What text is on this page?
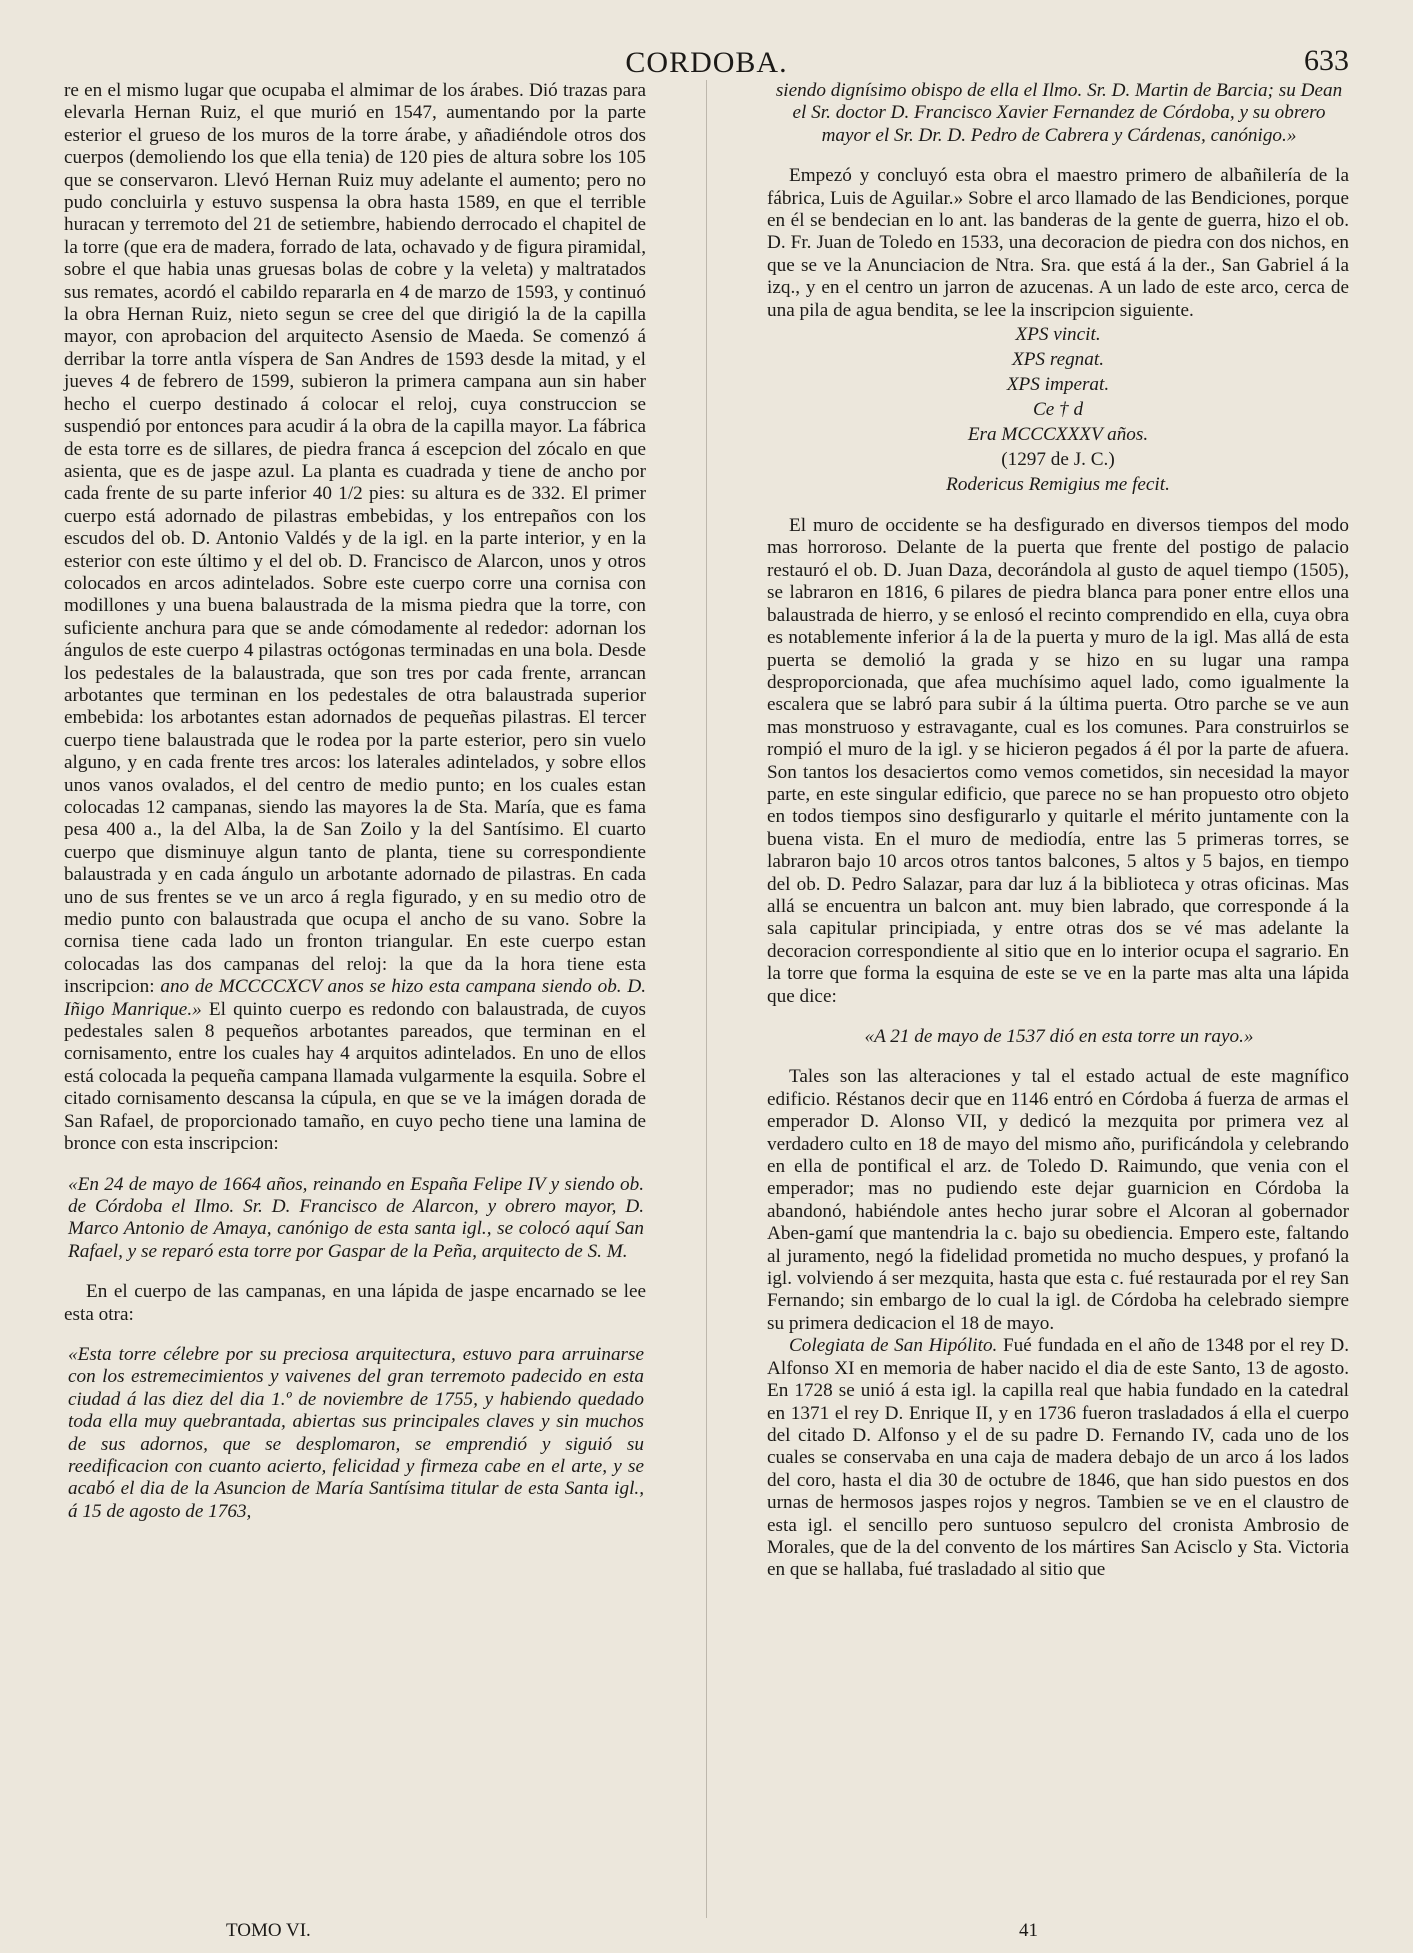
CORDOBA.	633

re en el mismo lugar que ocupaba el almimar de los árabes. Dió trazas para elevarla Hernan Ruiz, el que murió en 1547, aumentando por la parte esterior el grueso de los muros de la torre árabe, y añadiéndole otros dos cuerpos (demoliendo los que ella tenia) de 120 pies de altura sobre los 105 que se conservaron. Llevó Hernan Ruiz muy adelante el aumento; pero no pudo concluirla y estuvo suspensa la obra hasta 1589, en que el terrible huracan y terremoto del 21 de setiembre, habiendo derrocado el chapitel de la torre (que era de madera, forrado de lata, ochavado y de figura piramidal, sobre el que habia unas gruesas bolas de cobre y la veleta) y maltratados sus remates, acordó el cabildo repararla en 4 de marzo de 1593, y continuó la obra Hernan Ruiz, nieto segun se cree del que dirigió la de la capilla mayor, con aprobacion del arquitecto Asensio de Maeda. Se comenzó á derribar la torre antla víspera de San Andres de 1593 desde la mitad, y el jueves 4 de febrero de 1599, subieron la primera campana aun sin haber hecho el cuerpo destinado á colocar el reloj, cuya construccion se suspendió por entonces para acudir á la obra de la capilla mayor. La fábrica de esta torre es de sillares, de piedra franca á escepcion del zócalo en que asienta, que es de jaspe azul. La planta es cuadrada y tiene de ancho por cada frente de su parte inferior 40 1/2 pies: su altura es de 332. El primer cuerpo está adornado de pilastras embebidas, y los entrepaños con los escudos del ob. D. Antonio Valdés y de la igl. en la parte interior, y en la esterior con este último y el del ob. D. Francisco de Alarcon, unos y otros colocados en arcos adintelados. Sobre este cuerpo corre una cornisa con modillones y una buena balaustrada de la misma piedra que la torre, con suficiente anchura para que se ande cómodamente al rededor: adornan los ángulos de este cuerpo 4 pilastras octógonas terminadas en una bola. Desde los pedestales de la balaustrada, que son tres por cada frente, arrancan arbotantes que terminan en los pedestales de otra balaustrada superior embebida: los arbotantes estan adornados de pequeñas pilastras. El tercer cuerpo tiene balaustrada que le rodea por la parte esterior, pero sin vuelo alguno, y en cada frente tres arcos: los laterales adintelados, y sobre ellos unos vanos ovalados, el del centro de medio punto; en los cuales estan colocadas 12 campanas, siendo las mayores la de Sta. María, que es fama pesa 400 a., la del Alba, la de San Zoilo y la del Santísimo. El cuarto cuerpo que disminuye algun tanto de planta, tiene su correspondiente balaustrada y en cada ángulo un arbotante adornado de pilastras. En cada uno de sus frentes se ve un arco á regla figurado, y en su medio otro de medio punto con balaustrada que ocupa el ancho de su vano. Sobre la cornisa tiene cada lado un fronton triangular. En este cuerpo estan colocadas las dos campanas del reloj: la que da la hora tiene esta inscripcion: ano de MCCCCXCV anos se hizo esta campana siendo ob. D. Iñigo Manrique.» El quinto cuerpo es redondo con balaustrada, de cuyos pedestales salen 8 pequeños arbotantes pareados, que terminan en el cornisamento, entre los cuales hay 4 arquitos adintelados. En uno de ellos está colocada la pequeña campana llamada vulgarmente la esquila. Sobre el citado cornisamento descansa la cúpula, en que se ve la imágen dorada de San Rafael, de proporcionado tamaño, en cuyo pecho tiene una lamina de bronce con esta inscripcion:

«En 24 de mayo de 1664 años, reinando en España Felipe IV y siendo ob. de Córdoba el Ilmo. Sr. D. Francisco de Alarcon, y obrero mayor, D. Marco Antonio de Amaya, canónigo de esta santa igl., se colocó aquí San Rafael, y se reparó esta torre por Gaspar de la Peña, arquitecto de S. M.

En el cuerpo de las campanas, en una lápida de jaspe encarnado se lee esta otra:

«Esta torre célebre por su preciosa arquitectura, estuvo para arruinarse con los estremecimientos y vaivenes del gran terremoto padecido en esta ciudad á las diez del dia 1.º de noviembre de 1755, y habiendo quedado toda ella muy quebrantada, abiertas sus principales claves y sin muchos de sus adornos, que se desplomaron, se emprendió y siguió su reedificacion con cuanto acierto, felicidad y firmeza cabe en el arte, y se acabó el dia de la Asuncion de María Santísima titular de esta Santa igl., á 15 de agosto de 1763,

siendo dignísimo obispo de ella el Ilmo. Sr. D. Martin de Barcia; su Dean el Sr. doctor D. Francisco Xavier Fernandez de Córdoba, y su obrero mayor el Sr. Dr. D. Pedro de Cabrera y Cárdenas, canónigo.»

Empezó y concluyó esta obra el maestro primero de albañilería de la fábrica, Luis de Aguilar.» Sobre el arco llamado de las Bendiciones, porque en él se bendecian en lo ant. las banderas de la gente de guerra, hizo el ob. D. Fr. Juan de Toledo en 1533, una decoracion de piedra con dos nichos, en que se ve la Anunciacion de Ntra. Sra. que está á la der., San Gabriel á la izq., y en el centro un jarron de azucenas. A un lado de este arco, cerca de una pila de agua bendita, se lee la inscripcion siguiente.

XPS vincit.
XPS regnat.
XPS imperat.
Ce † d
Era MCCCXXXV años.
(1297 de J. C.)
Rodericus Remigius me fecit.

El muro de occidente se ha desfigurado en diversos tiempos del modo mas horroroso. Delante de la puerta que frente del postigo de palacio restauró el ob. D. Juan Daza, decorándola al gusto de aquel tiempo (1505), se labraron en 1816, 6 pilares de piedra blanca para poner entre ellos una balaustrada de hierro, y se enlosó el recinto comprendido en ella, cuya obra es notablemente inferior á la de la puerta y muro de la igl. Mas allá de esta puerta se demolió la grada y se hizo en su lugar una rampa desproporcionada, que afea muchísimo aquel lado, como igualmente la escalera que se labró para subir á la última puerta. Otro parche se ve aun mas monstruoso y estravagante, cual es los comunes. Para construirlos se rompió el muro de la igl. y se hicieron pegados á él por la parte de afuera. Son tantos los desaciertos como vemos cometidos, sin necesidad la mayor parte, en este singular edificio, que parece no se han propuesto otro objeto en todos tiempos sino desfigurarlo y quitarle el mérito juntamente con la buena vista. En el muro de mediodía, entre las 5 primeras torres, se labraron bajo 10 arcos otros tantos balcones, 5 altos y 5 bajos, en tiempo del ob. D. Pedro Salazar, para dar luz á la biblioteca y otras oficinas. Mas allá se encuentra un balcon ant. muy bien labrado, que corresponde á la sala capitular principiada, y entre otras dos se vé mas adelante la decoracion correspondiente al sitio que en lo interior ocupa el sagrario. En la torre que forma la esquina de este se ve en la parte mas alta una lápida que dice:

«A 21 de mayo de 1537 dió en esta torre un rayo.»

Tales son las alteraciones y tal el estado actual de este magnífico edificio. Réstanos decir que en 1146 entró en Córdoba á fuerza de armas el emperador D. Alonso VII, y dedicó la mezquita por primera vez al verdadero culto en 18 de mayo del mismo año, purificándola y celebrando en ella de pontifical el arz. de Toledo D. Raimundo, que venia con el emperador; mas no pudiendo este dejar guarnicion en Córdoba la abandonó, habiéndole antes hecho jurar sobre el Alcoran al gobernador Aben-gamí que mantendria la c. bajo su obediencia. Empero este, faltando al juramento, negó la fidelidad prometida no mucho despues, y profanó la igl. volviendo á ser mezquita, hasta que esta c. fué restaurada por el rey San Fernando; sin embargo de lo cual la igl. de Córdoba ha celebrado siempre su primera dedicacion el 18 de mayo.

Colegiata de San Hipólito. Fué fundada en el año de 1348 por el rey D. Alfonso XI en memoria de haber nacido el dia de este Santo, 13 de agosto. En 1728 se unió á esta igl. la capilla real que habia fundado en la catedral en 1371 el rey D. Enrique II, y en 1736 fueron trasladados á ella el cuerpo del citado D. Alfonso y el de su padre D. Fernando IV, cada uno de los cuales se conservaba en una caja de madera debajo de un arco á los lados del coro, hasta el dia 30 de octubre de 1846, que han sido puestos en dos urnas de hermosos jaspes rojos y negros. Tambien se ve en el claustro de esta igl. el sencillo pero suntuoso sepulcro del cronista Ambrosio de Morales, que de la del convento de los mártires San Acisclo y Sta. Victoria en que se hallaba, fué trasladado al sitio que

TOMO VI.	41
